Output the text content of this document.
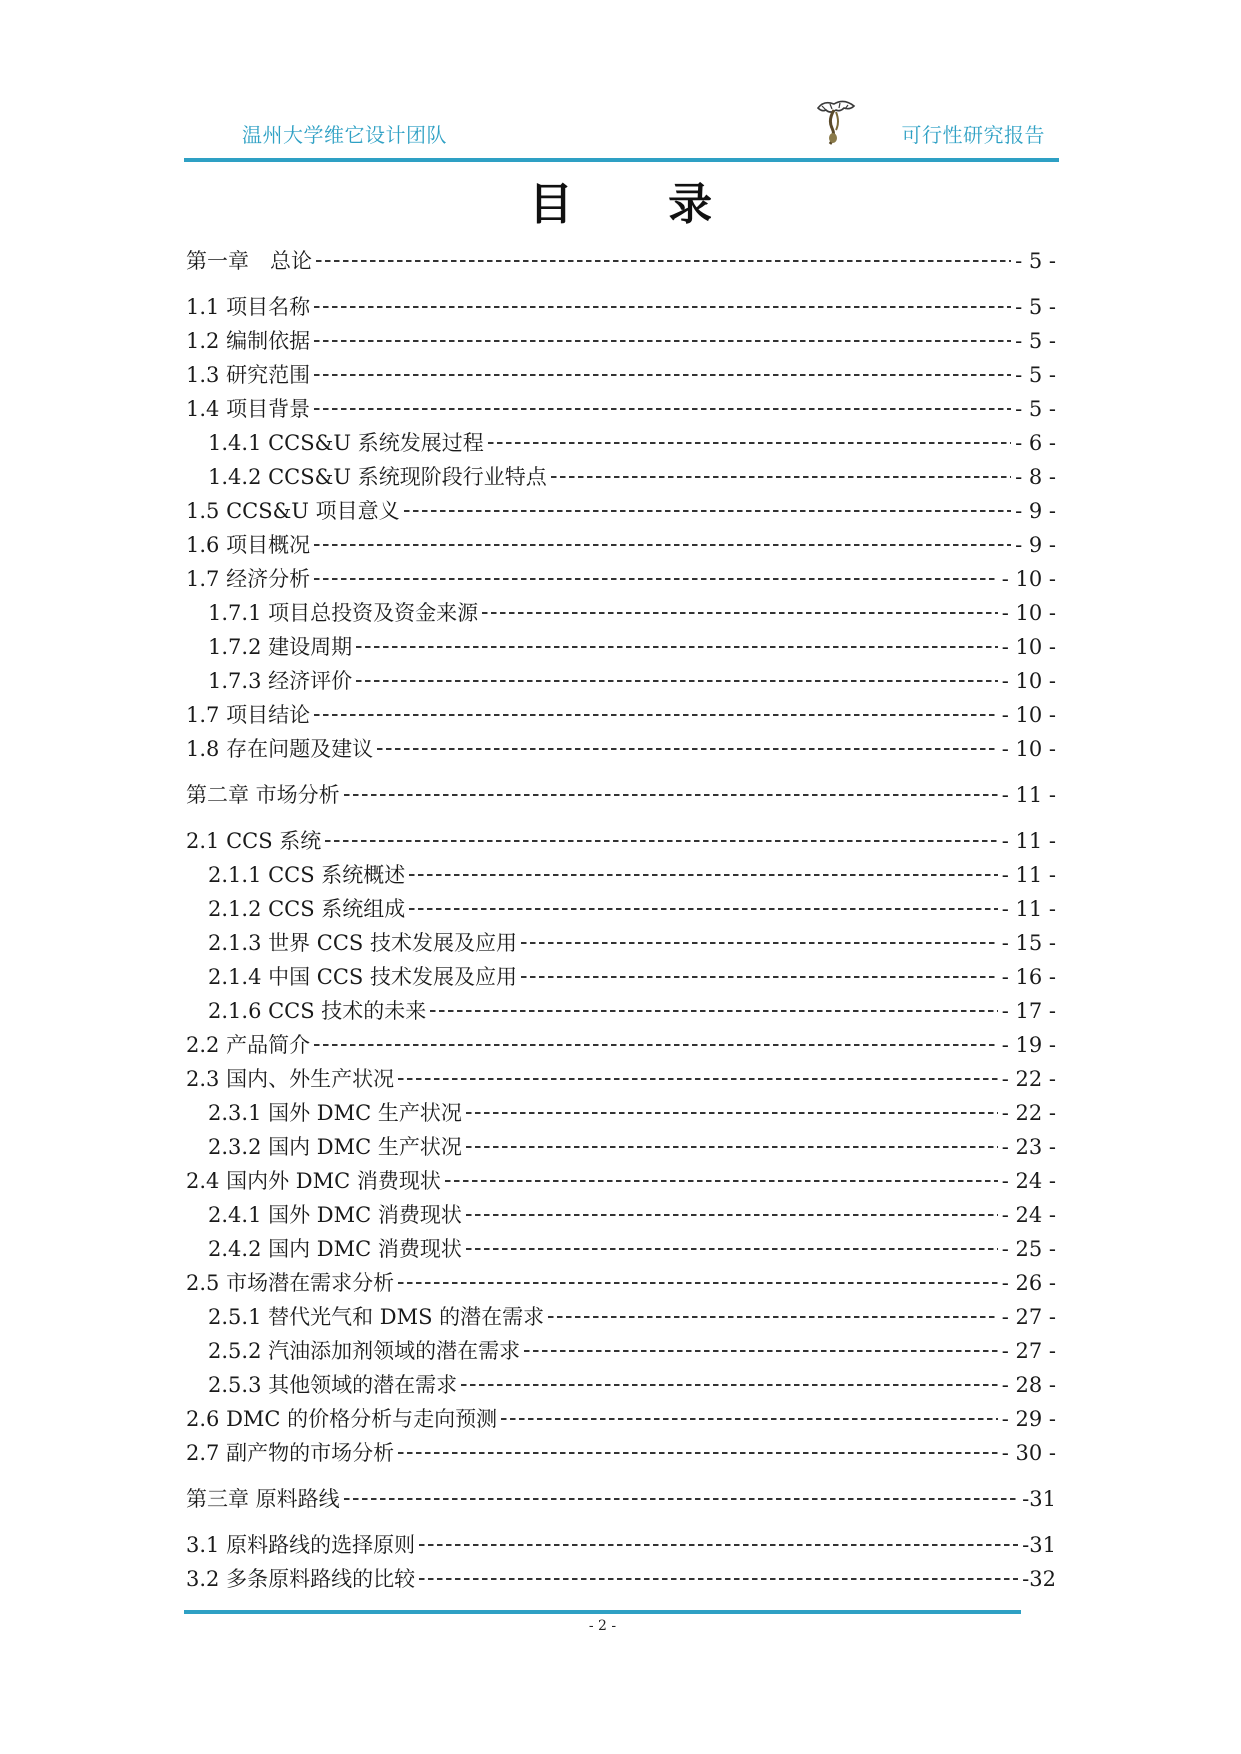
温州大学维它设计团队	可行性研究报告
目 录
第一章　总论	- 5 -
1.1 项目名称	- 5 -
1.2 编制依据	- 5 -
1.3 研究范围	- 5 -
1.4 项目背景	- 5 -
1.4.1 CCS&U 系统发展过程	- 6 -
1.4.2 CCS&U 系统现阶段行业特点	- 8 -
1.5 CCS&U 项目意义	- 9 -
1.6 项目概况	- 9 -
1.7 经济分析	- 10 -
1.7.1 项目总投资及资金来源	- 10 -
1.7.2 建设周期	- 10 -
1.7.3 经济评价	- 10 -
1.7 项目结论	- 10 -
1.8 存在问题及建议	- 10 -
第二章 市场分析	- 11 -
2.1 CCS 系统	- 11 -
2.1.1 CCS 系统概述	- 11 -
2.1.2 CCS 系统组成	- 11 -
2.1.3 世界 CCS 技术发展及应用	- 15 -
2.1.4 中国 CCS 技术发展及应用	- 16 -
2.1.6 CCS 技术的未来	- 17 -
2.2 产品简介	- 19 -
2.3 国内、外生产状况	- 22 -
2.3.1 国外 DMC 生产状况	- 22 -
2.3.2 国内 DMC 生产状况	- 23 -
2.4 国内外 DMC 消费现状	- 24 -
2.4.1 国外 DMC 消费现状	- 24 -
2.4.2 国内 DMC 消费现状	- 25 -
2.5 市场潜在需求分析	- 26 -
2.5.1 替代光气和 DMS 的潜在需求	- 27 -
2.5.2 汽油添加剂领域的潜在需求	- 27 -
2.5.3 其他领域的潜在需求	- 28 -
2.6 DMC 的价格分析与走向预测	- 29 -
2.7 副产物的市场分析	- 30 -
第三章 原料路线	-31
3.1 原料路线的选择原则	-31
3.2 多条原料路线的比较	-32
- 2 -
